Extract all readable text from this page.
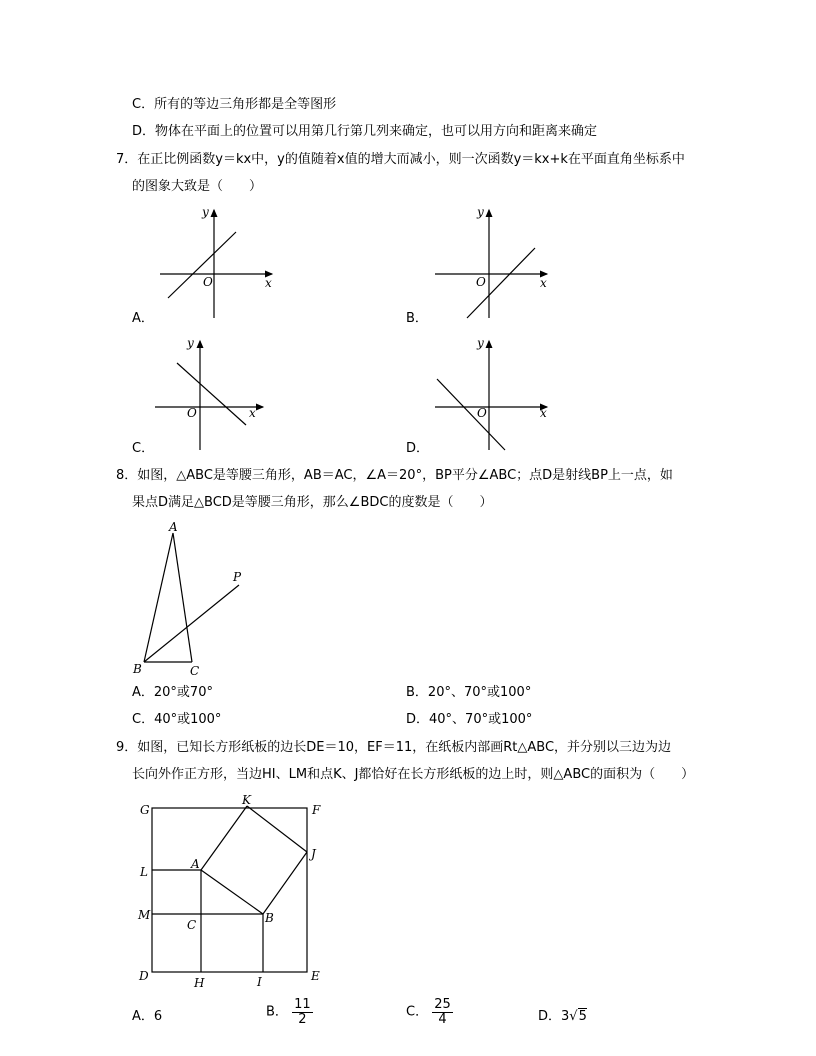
C．所有的等边三角形都是全等图形
D．物体在平面上的位置可以用第几行第几列来确定，也可以用方向和距离来确定
7．在正比例函数y＝kx中，y的值随着x值的增大而减小，则一次函数y＝kx+k在平面直角坐标系中
的图象大致是（　　）
y
x
O
A．
y
x
O
B．
y
x
O
C．
y
x
O
D．
8．如图，△ABC是等腰三角形，AB＝AC，∠A＝20°，BP平分∠ABC；点D是射线BP上一点，如
果点D满足△BCD是等腰三角形，那么∠BDC的度数是（　　）
A
B	C
P
A．20°或70°	B．20°、70°或100°
C．40°或100°	D．40°、70°或100°
9．如图，已知长方形纸板的边长DE＝10，EF＝11，在纸板内部画Rt△ABC，并分别以三边为边
长向外作正方形，当边HI、LM和点K、J都恰好在长方形纸板的边上时，则△ABC的面积为（　　）
G
K
F
J
L
A
M
C	B
D	H	I	E
A．6	B． $\frac{11}{2}$	C． $\frac{25}{4}$	D．3√5
